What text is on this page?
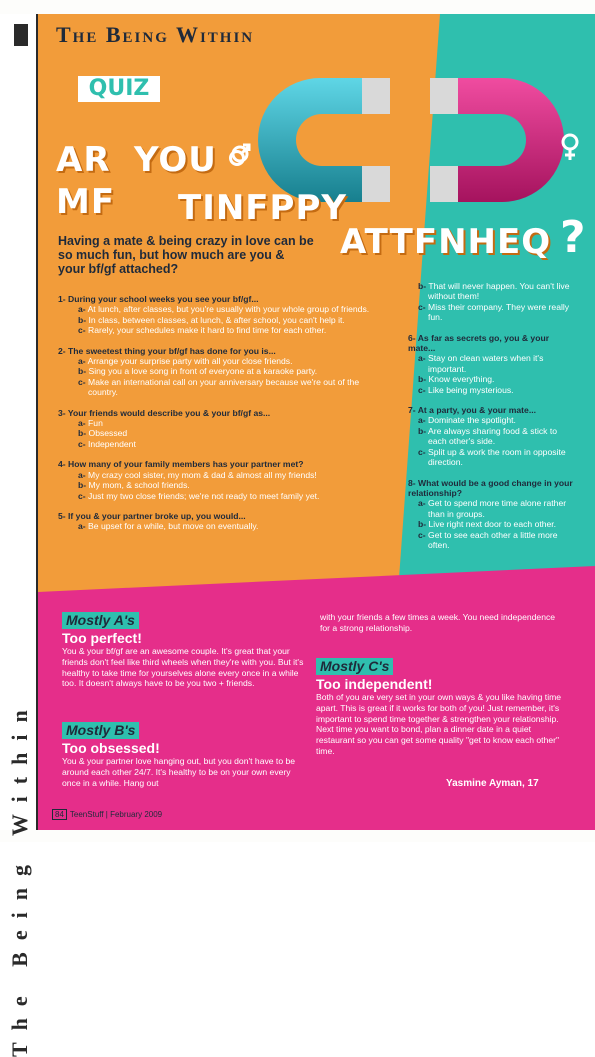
The Being Within
The Being Within
QUIZ
AR YOU
MF TINFPPY
ATTFNHEQ ?
Having a mate & being crazy in love can be so much fun, but how much are you & your bf/gf attached?
1- During your school weeks you see your bf/gf...
a- At lunch, after classes, but you're usually with your whole group of friends.
b- In class, between classes, at lunch, & after school, you can't help it.
c- Rarely, your schedules make it hard to find time for each other.
2- The sweetest thing your bf/gf has done for you is...
a- Arrange your surprise party with all your close friends.
b- Sing you a love song in front of everyone at a karaoke party.
c- Make an international call on your anniversary because we're out of the country.
3- Your friends would describe you & your bf/gf as...
a- Fun
b- Obsessed
c- Independent
4- How many of your family members has your partner met?
a- My crazy cool sister, my mom & dad & almost all my friends!
b- My mom, & school friends.
c- Just my two close friends; we're not ready to meet family yet.
5- If you & your partner broke up, you would...
a- Be upset for a while, but move on eventually.
b- That will never happen. You can't live without them!
c- Miss their company. They were really fun.
6- As far as secrets go, you & your mate...
a- Stay on clean waters when it's important.
b- Know everything.
c- Like being mysterious.
7- At a party, you & your mate...
a- Dominate the spotlight.
b- Are always sharing food & stick to each other's side.
c- Split up & work the room in opposite direction.
8- What would be a good change in your relationship?
a- Get to spend more time alone rather than in groups.
b- Live right next door to each other.
c- Get to see each other a little more often.
Mostly A's
Too perfect!
You & your bf/gf are an awesome couple. It's great that your friends don't feel like third wheels when they're with you. But it's healthy to take time for yourselves alone every once in a while too. It doesn't always have to be you two + friends.
Mostly B's
Too obsessed!
You & your partner love hanging out, but you don't have to be around each other 24/7. It's healthy to be on your own every once in a while. Hang out
with your friends a few times a week. You need independence for a strong relationship.
Mostly C's
Too independent!
Both of you are very set in your own ways & you like having time apart. This is great if it works for both of you! Just remember, it's important to spend time together & strengthen your relationship. Next time you want to bond, plan a dinner date in a quiet restaurant so you can get some quality "get to know each other" time.
Yasmine Ayman, 17
84 TeenStuff | February 2009
